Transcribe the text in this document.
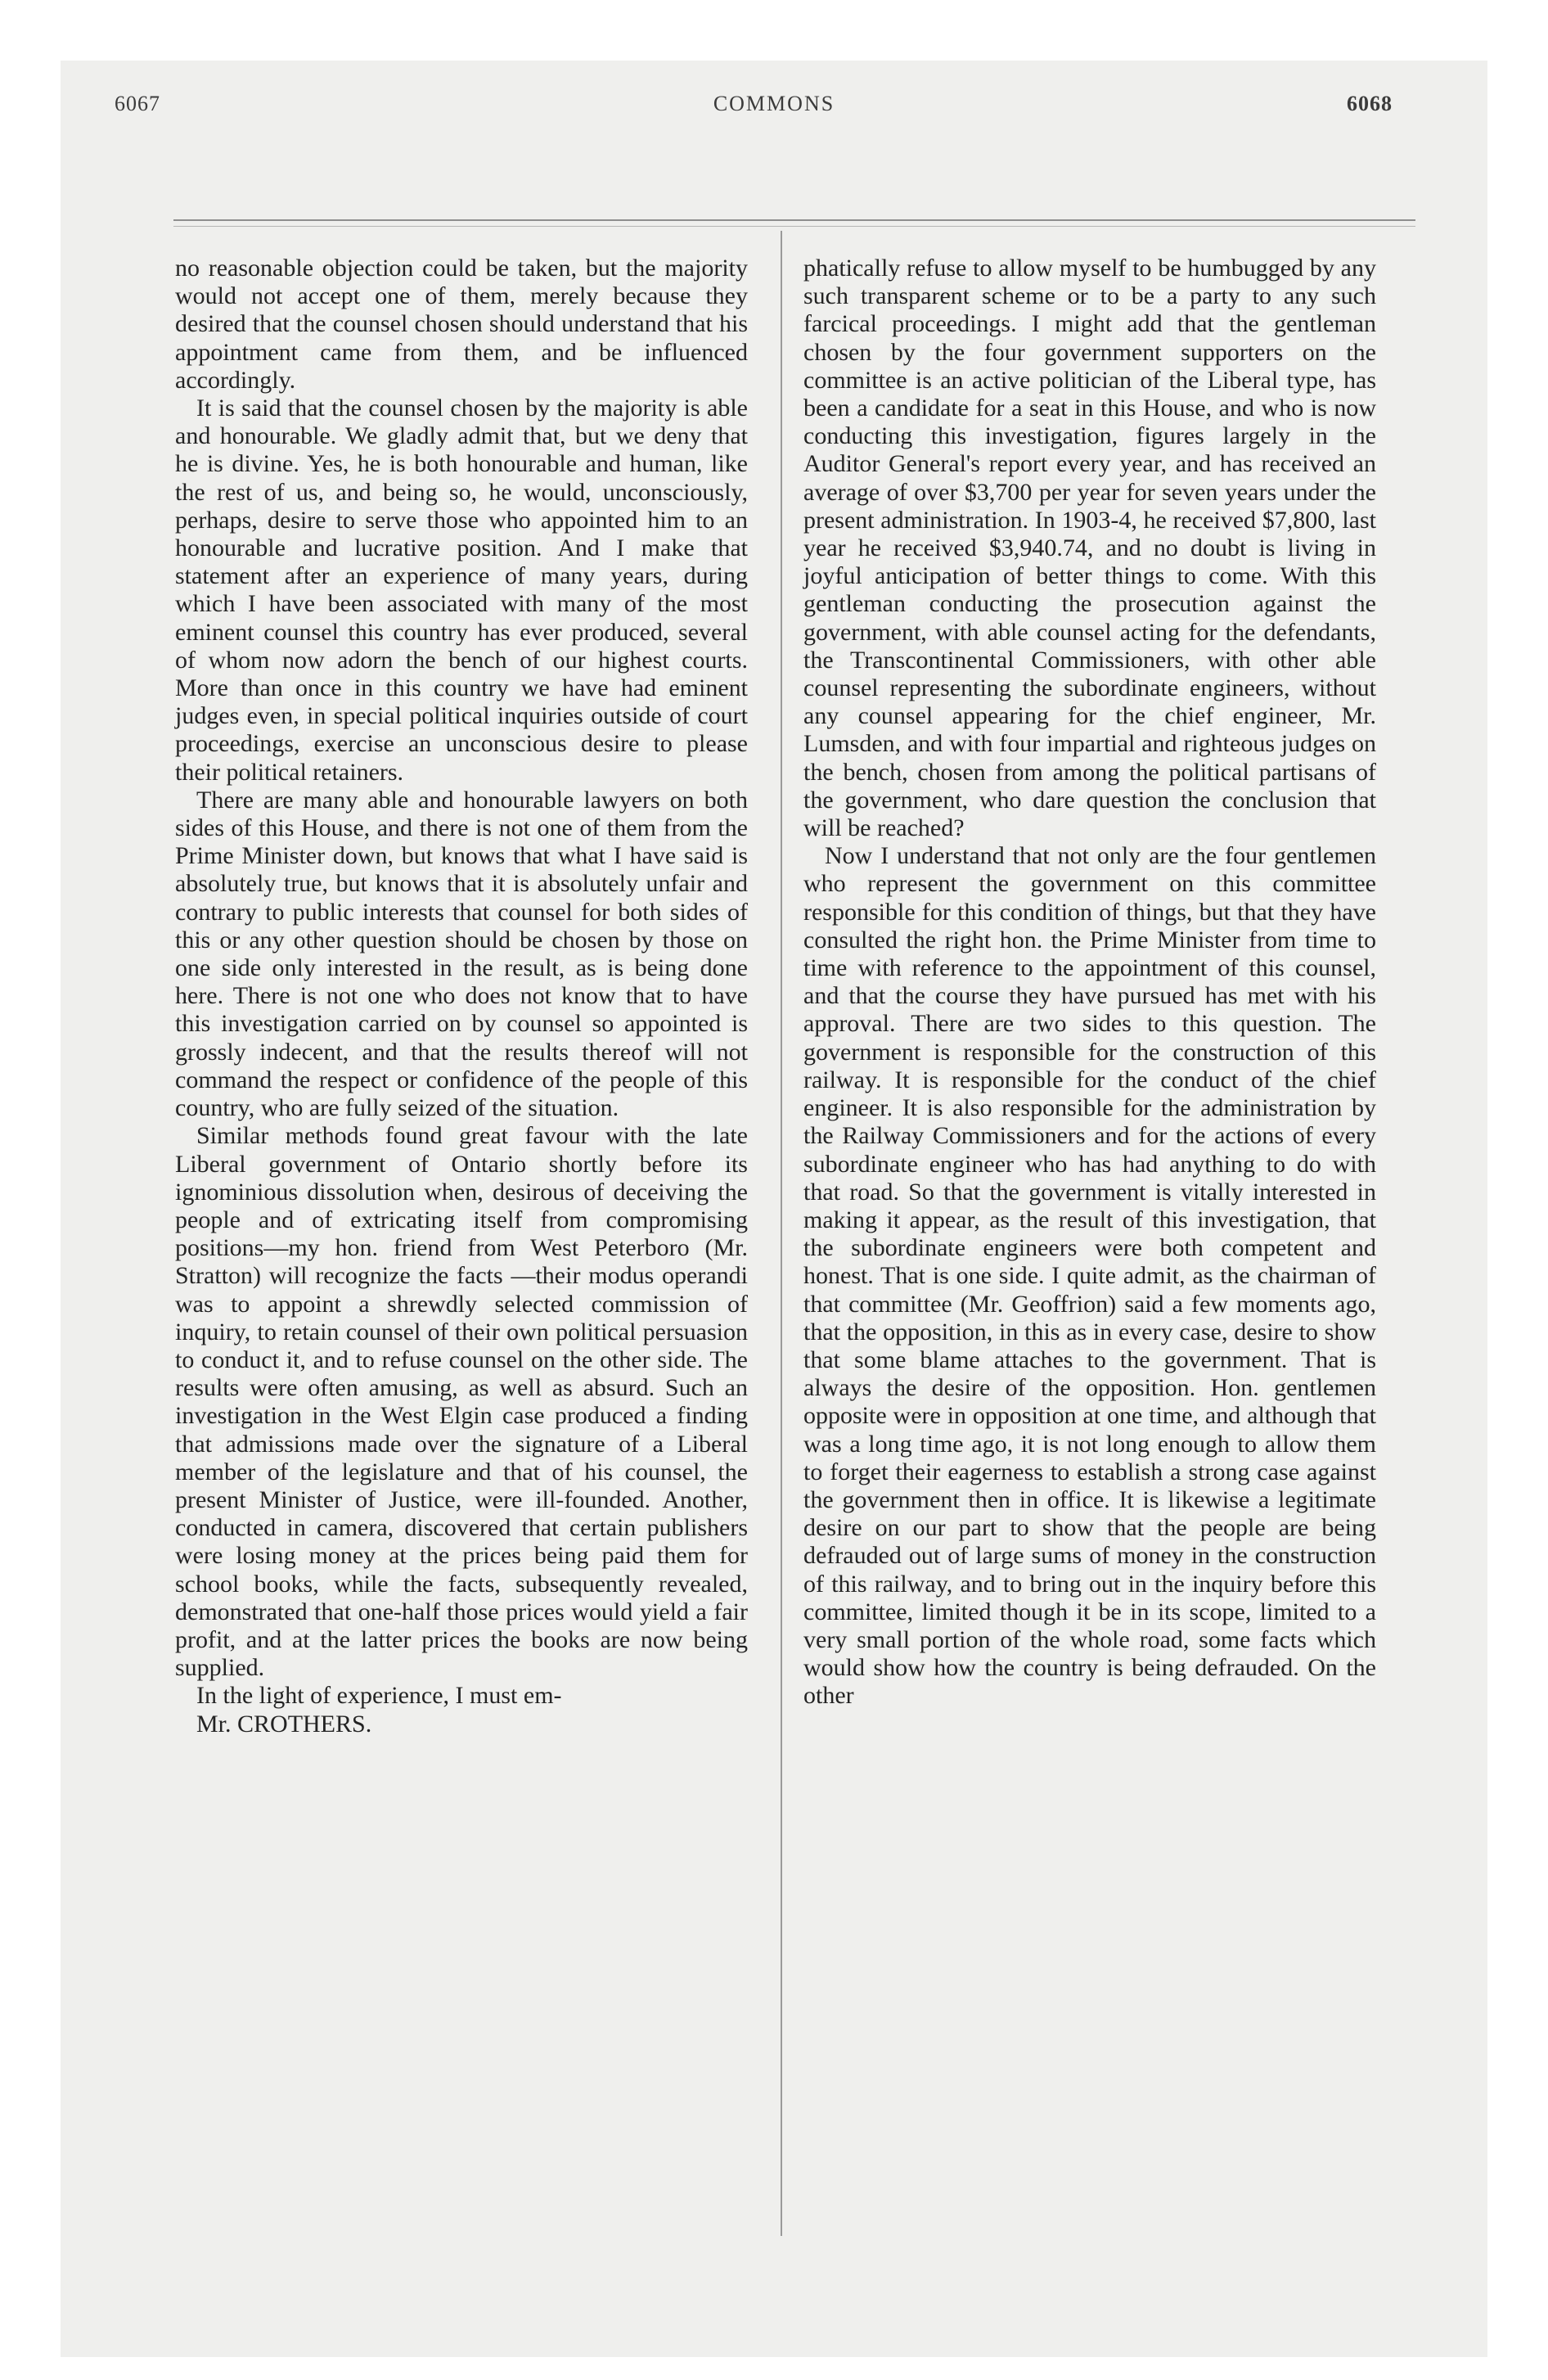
6067	COMMONS	6068

no reasonable objection could be taken, but the majority would not accept one of them, merely because they desired that the counsel chosen should understand that his appointment came from them, and be influenced accordingly.

It is said that the counsel chosen by the majority is able and honourable. We gladly admit that, but we deny that he is divine. Yes, he is both honourable and human, like the rest of us, and being so, he would, unconsciously, perhaps, desire to serve those who appointed him to an honourable and lucrative position. And I make that statement after an experience of many years, during which I have been associated with many of the most eminent counsel this country has ever produced, several of whom now adorn the bench of our highest courts. More than once in this country we have had eminent judges even, in special political inquiries outside of court proceedings, exercise an unconscious desire to please their political retainers.

There are many able and honourable lawyers on both sides of this House, and there is not one of them from the Prime Minister down, but knows that what I have said is absolutely true, but knows that it is absolutely unfair and contrary to public interests that counsel for both sides of this or any other question should be chosen by those on one side only interested in the result, as is being done here. There is not one who does not know that to have this investigation carried on by counsel so appointed is grossly indecent, and that the results thereof will not command the respect or confidence of the people of this country, who are fully seized of the situation.

Similar methods found great favour with the late Liberal government of Ontario shortly before its ignominious dissolution when, desirous of deceiving the people and of extricating itself from compromising positions—my hon. friend from West Peterboro (Mr. Stratton) will recognize the facts —their modus operandi was to appoint a shrewdly selected commission of inquiry, to retain counsel of their own political persuasion to conduct it, and to refuse counsel on the other side. The results were often amusing, as well as absurd. Such an investigation in the West Elgin case produced a finding that admissions made over the signature of a Liberal member of the legislature and that of his counsel, the present Minister of Justice, were ill-founded. Another, conducted in camera, discovered that certain publishers were losing money at the prices being paid them for school books, while the facts, subsequently revealed, demonstrated that one-half those prices would yield a fair profit, and at the latter prices the books are now being supplied.

In the light of experience, I must em-

Mr. CROTHERS.

phatically refuse to allow myself to be humbugged by any such transparent scheme or to be a party to any such farcical proceedings. I might add that the gentleman chosen by the four government supporters on the committee is an active politician of the Liberal type, has been a candidate for a seat in this House, and who is now conducting this investigation, figures largely in the Auditor General's report every year, and has received an average of over $3,700 per year for seven years under the present administration. In 1903-4, he received $7,800, last year he received $3,940.74, and no doubt is living in joyful anticipation of better things to come. With this gentleman conducting the prosecution against the government, with able counsel acting for the defendants, the Transcontinental Commissioners, with other able counsel representing the subordinate engineers, without any counsel appearing for the chief engineer, Mr. Lumsden, and with four impartial and righteous judges on the bench, chosen from among the political partisans of the government, who dare question the conclusion that will be reached?

Now I understand that not only are the four gentlemen who represent the government on this committee responsible for this condition of things, but that they have consulted the right hon. the Prime Minister from time to time with reference to the appointment of this counsel, and that the course they have pursued has met with his approval. There are two sides to this question. The government is responsible for the construction of this railway. It is responsible for the conduct of the chief engineer. It is also responsible for the administration by the Railway Commissioners and for the actions of every subordinate engineer who has had anything to do with that road. So that the government is vitally interested in making it appear, as the result of this investigation, that the subordinate engineers were both competent and honest. That is one side. I quite admit, as the chairman of that committee (Mr. Geoffrion) said a few moments ago, that the opposition, in this as in every case, desire to show that some blame attaches to the government. That is always the desire of the opposition. Hon. gentlemen opposite were in opposition at one time, and although that was a long time ago, it is not long enough to allow them to forget their eagerness to establish a strong case against the government then in office. It is likewise a legitimate desire on our part to show that the people are being defrauded out of large sums of money in the construction of this railway, and to bring out in the inquiry before this committee, limited though it be in its scope, limited to a very small portion of the whole road, some facts which would show how the country is being defrauded. On the other
